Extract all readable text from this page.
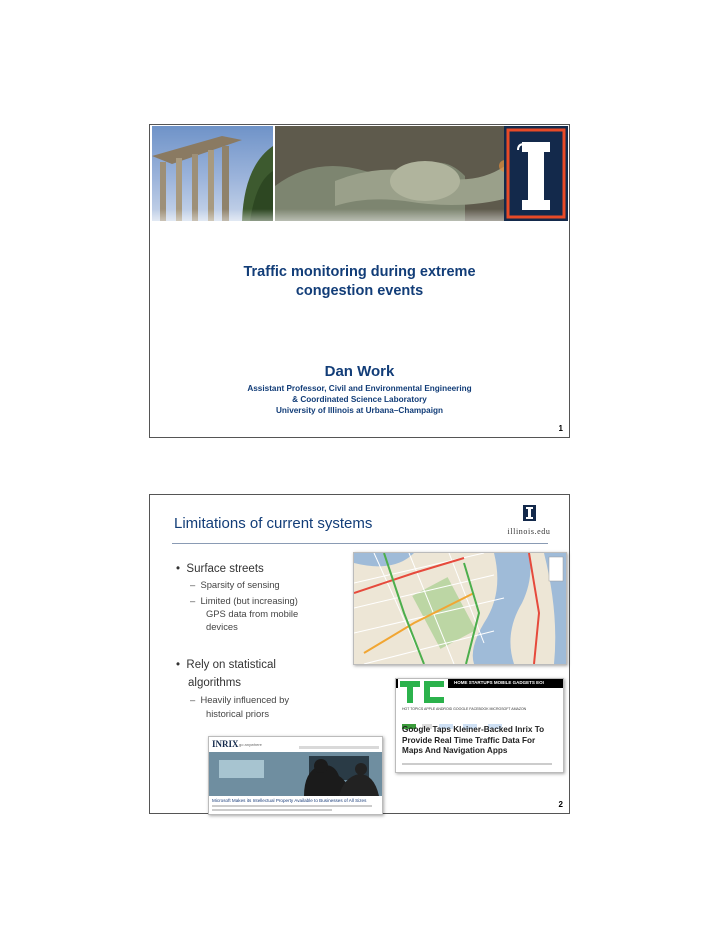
Traffic monitoring during extreme
congestion events
Dan Work
Assistant Professor, Civil and Environmental Engineering
& Coordinated Science Laboratory
University of Illinois at Urbana–Champaign
1
Limitations of current systems	illinois.edu
•  Surface streets
–  Sparsity of sensing
–  Limited (but increasing)
GPS data from mobile
devices
•  Rely on statistical
algorithms
–  Heavily influenced by
historical priors
HOME STARTUPS MOBILE GADGETS EOI
HOT TOPICS APPLE ANDROID GOOGLE FACEBOOK MICROSOFT AMAZON

Google Taps Kleiner-Backed Inrix To
Provide Real Time Traffic Data For
Maps And Navigation Apps
INRIX go anywhere
Microsoft Makes its Intellectual Property Available to Businesses of All Sizes	2
